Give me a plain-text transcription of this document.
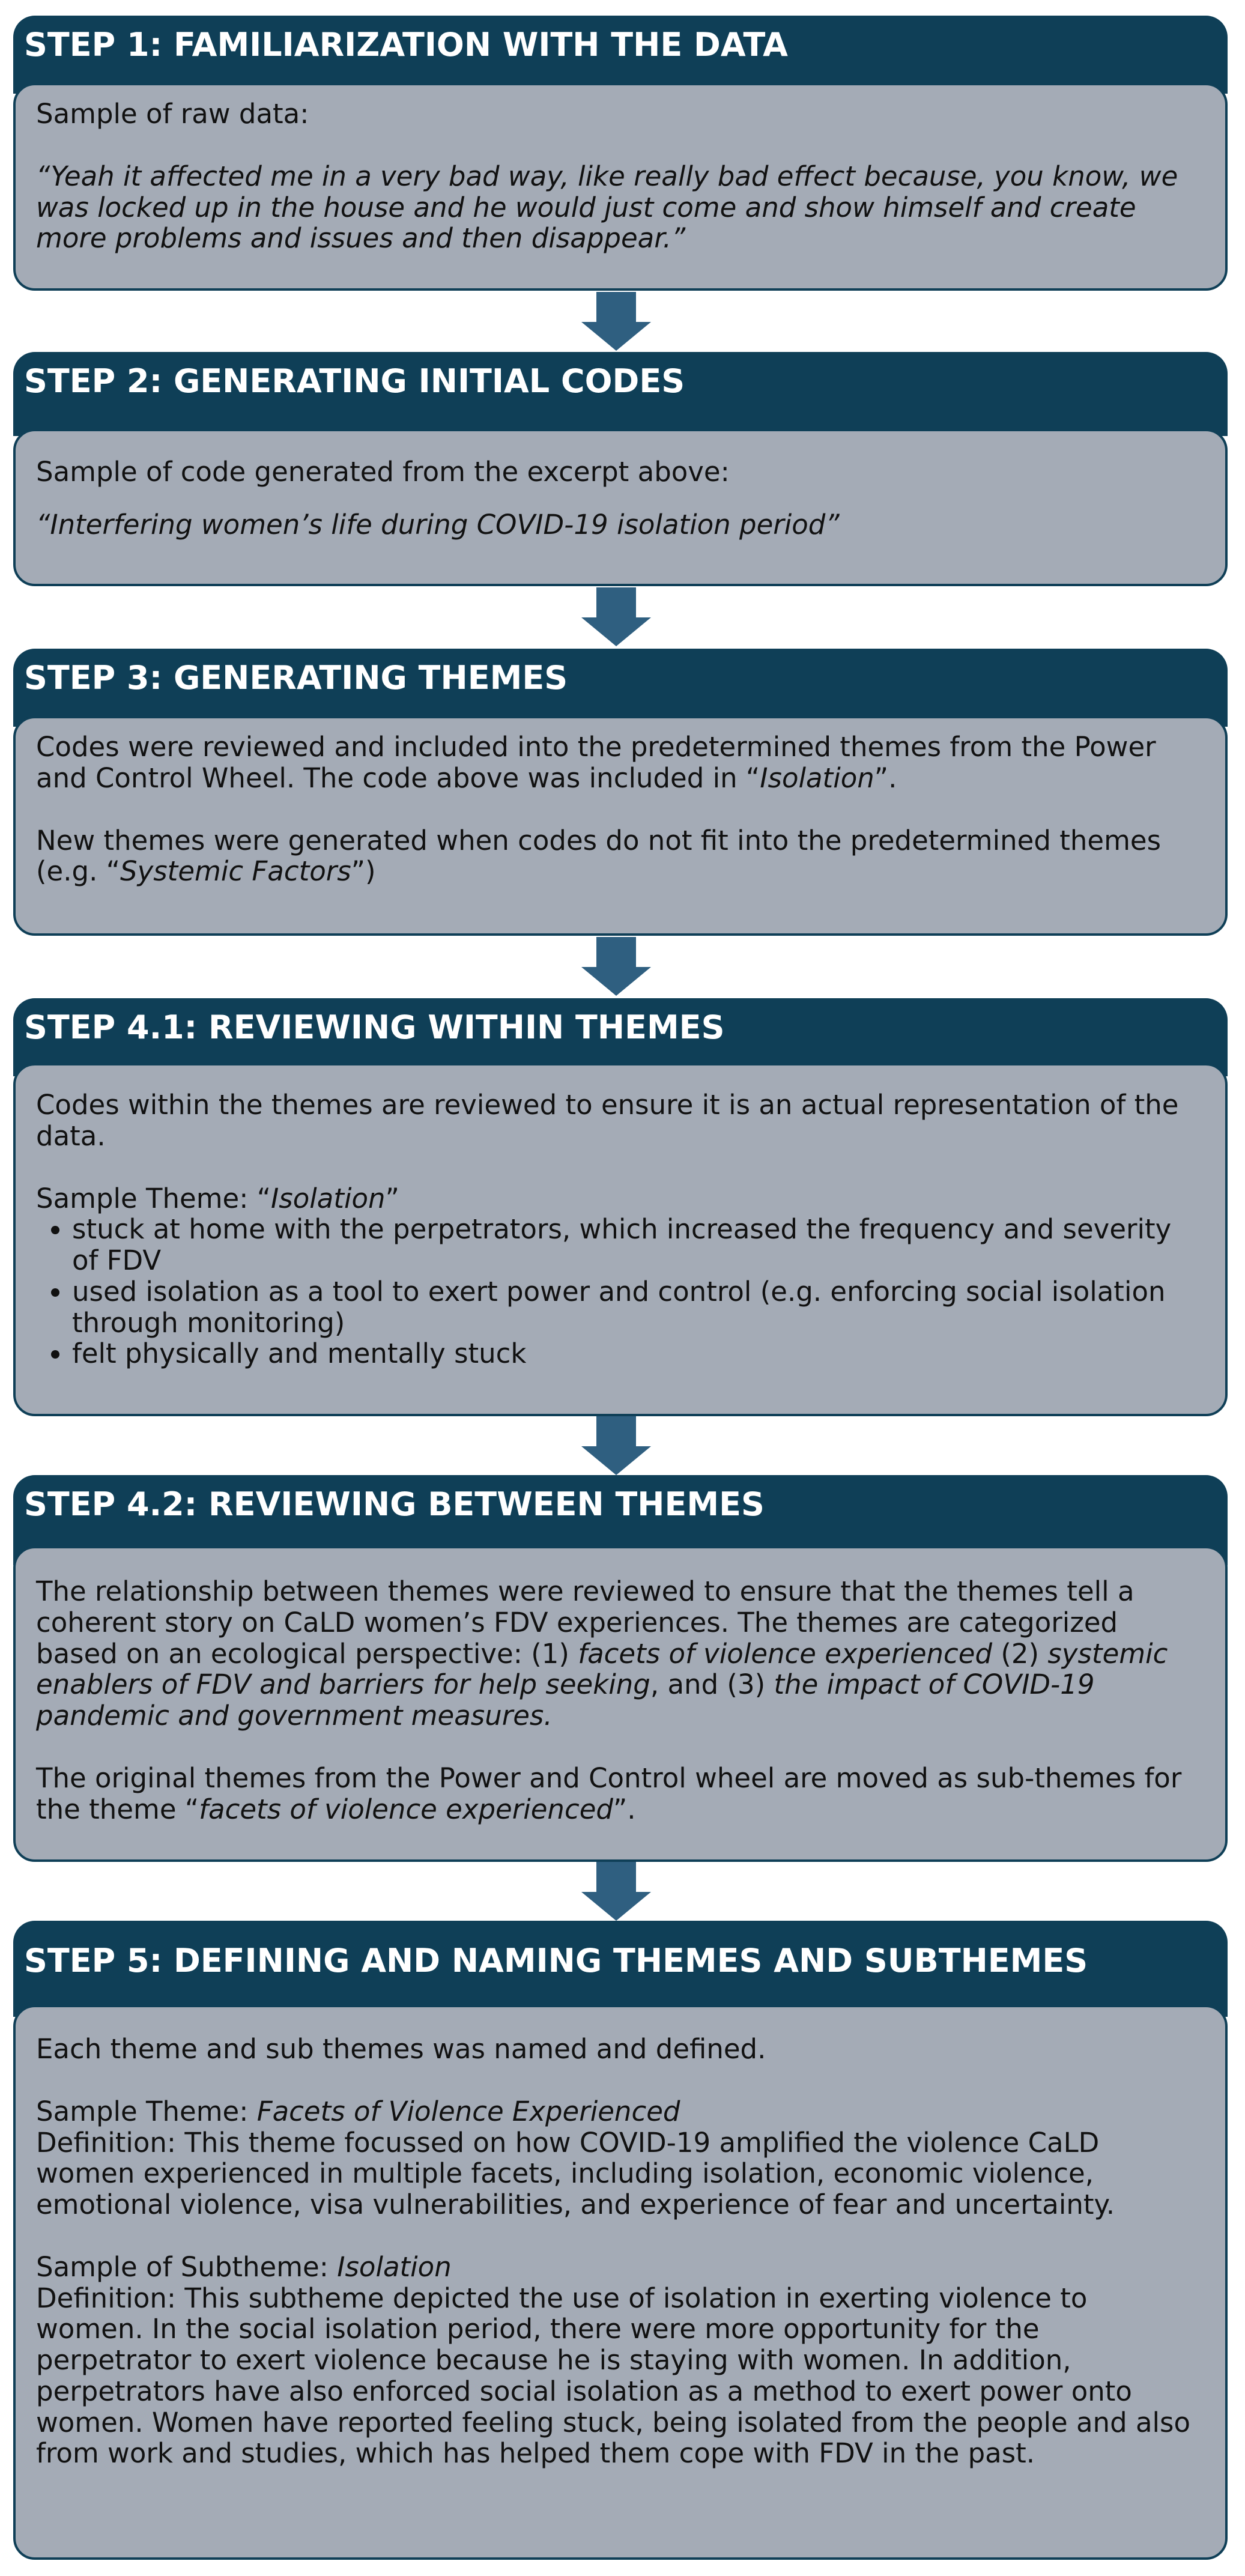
STEP 1: FAMILIARIZATION WITH THE DATA

Sample of raw data:

“Yeah it affected me in a very bad way, like really bad effect because, you know, we was locked up in the house and he would just come and show himself and create more problems and issues and then disappear.”

STEP 2: GENERATING INITIAL CODES

Sample of code generated from the excerpt above:

“Interfering women’s life during COVID-19 isolation period”

STEP 3: GENERATING THEMES

Codes were reviewed and included into the predetermined themes from the Power and Control Wheel. The code above was included in “Isolation”.

New themes were generated when codes do not fit into the predetermined themes (e.g. “Systemic Factors”)

STEP 4.1: REVIEWING WITHIN THEMES

Codes within the themes are reviewed to ensure it is an actual representation of the data.

Sample Theme: “Isolation”

• stuck at home with the perpetrators, which increased the frequency and severity of FDV
• used isolation as a tool to exert power and control (e.g. enforcing social isolation through monitoring)
• felt physically and mentally stuck
STEP 4.2: REVIEWING BETWEEN THEMES

The relationship between themes were reviewed to ensure that the themes tell a coherent story on CaLD women’s FDV experiences. The themes are categorized based on an ecological perspective: (1) facets of violence experienced (2) systemic enablers of FDV and barriers for help seeking, and (3) the impact of COVID-19 pandemic and government measures.

The original themes from the Power and Control wheel are moved as sub-themes for the theme “facets of violence experienced”.

STEP 5: DEFINING AND NAMING THEMES AND SUBTHEMES

Each theme and sub themes was named and defined.

Sample Theme: Facets of Violence Experienced

Definition: This theme focussed on how COVID-19 amplified the violence CaLD women experienced in multiple facets, including isolation, economic violence, emotional violence, visa vulnerabilities, and experience of fear and uncertainty.

Sample of Subtheme: Isolation

Definition: This subtheme depicted the use of isolation in exerting violence to women. In the social isolation period, there were more opportunity for the perpetrator to exert violence because he is staying with women. In addition, perpetrators have also enforced social isolation as a method to exert power onto women. Women have reported feeling stuck, being isolated from the people and also from work and studies, which has helped them cope with FDV in the past.
